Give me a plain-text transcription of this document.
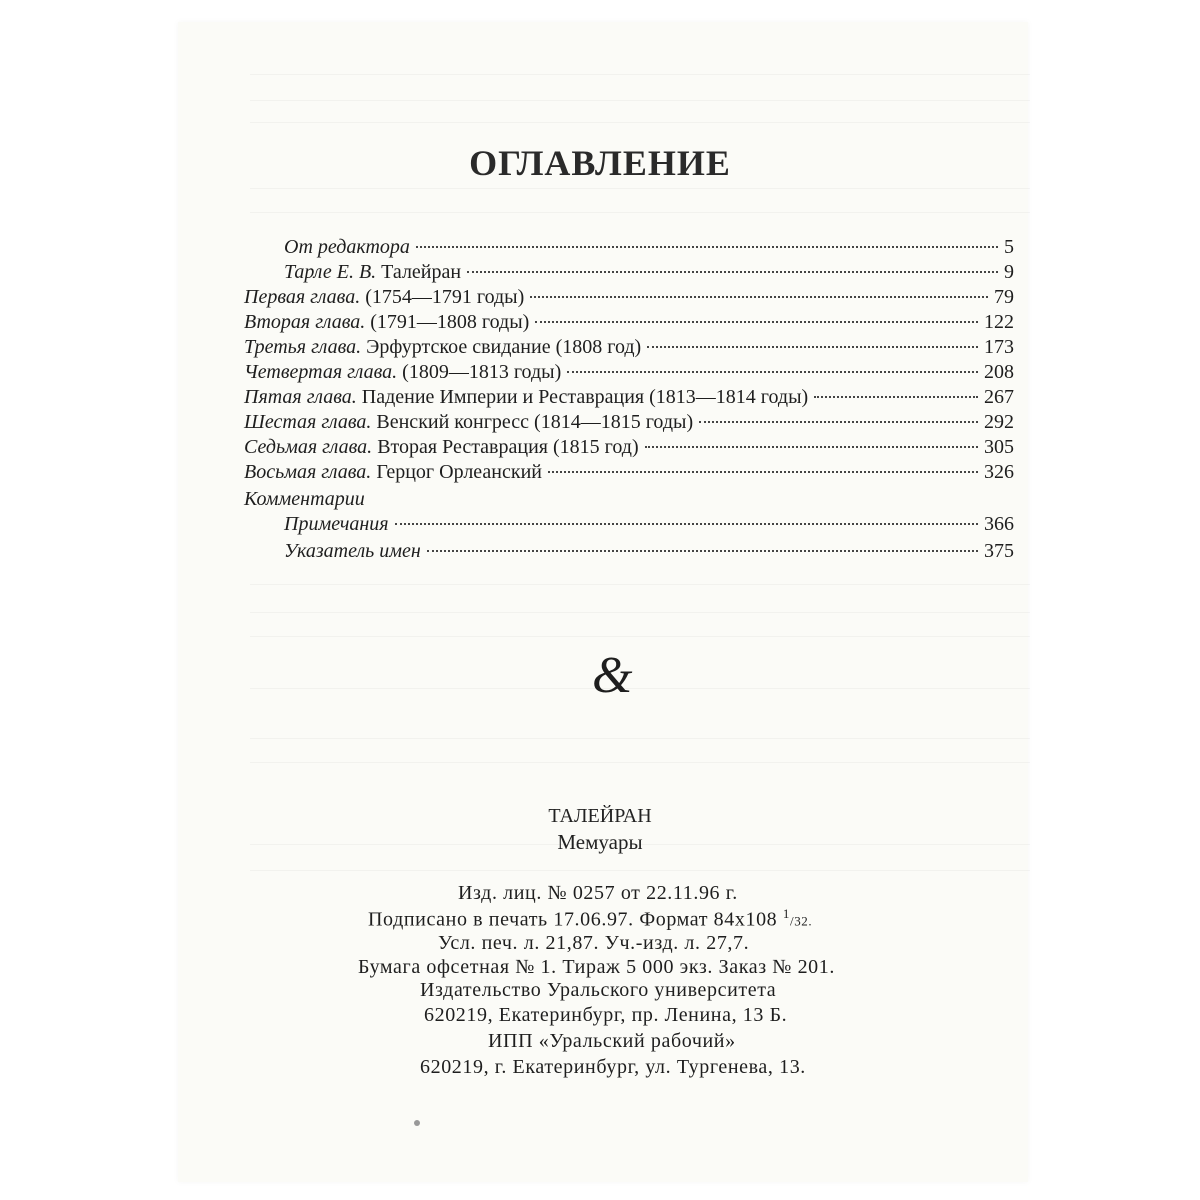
ОГЛАВЛЕНИЕ
От редактора	5
Тарле Е. В. Талейран	9
Первая глава. (1754—1791 годы)	79
Вторая глава. (1791—1808 годы)	122
Третья глава. Эрфуртское свидание (1808 год)	173
Четвертая глава. (1809—1813 годы)	208
Пятая глава. Падение Империи и Реставрация (1813—1814 годы)	267
Шестая глава. Венский конгресс (1814—1815 годы)	292
Седьмая глава. Вторая Реставрация (1815 год)	305
Восьмая глава. Герцог Орлеанский	326
Комментарии
Примечания	366
Указатель имен	375
&
ТАЛЕЙРАН
Мемуары
Изд. лиц. № 0257 от 22.11.96 г.
Подписано в печать 17.06.97. Формат 84x108 $^1$/32.
Усл. печ. л. 21,87. Уч.-изд. л. 27,7.
Бумага офсетная № 1. Тираж 5 000 экз. Заказ № 201.
Издательство Уральского университета
620219, Екатеринбург, пр. Ленина, 13 Б.
ИПП «Уральский рабочий»
620219, г. Екатеринбург, ул. Тургенева, 13.
